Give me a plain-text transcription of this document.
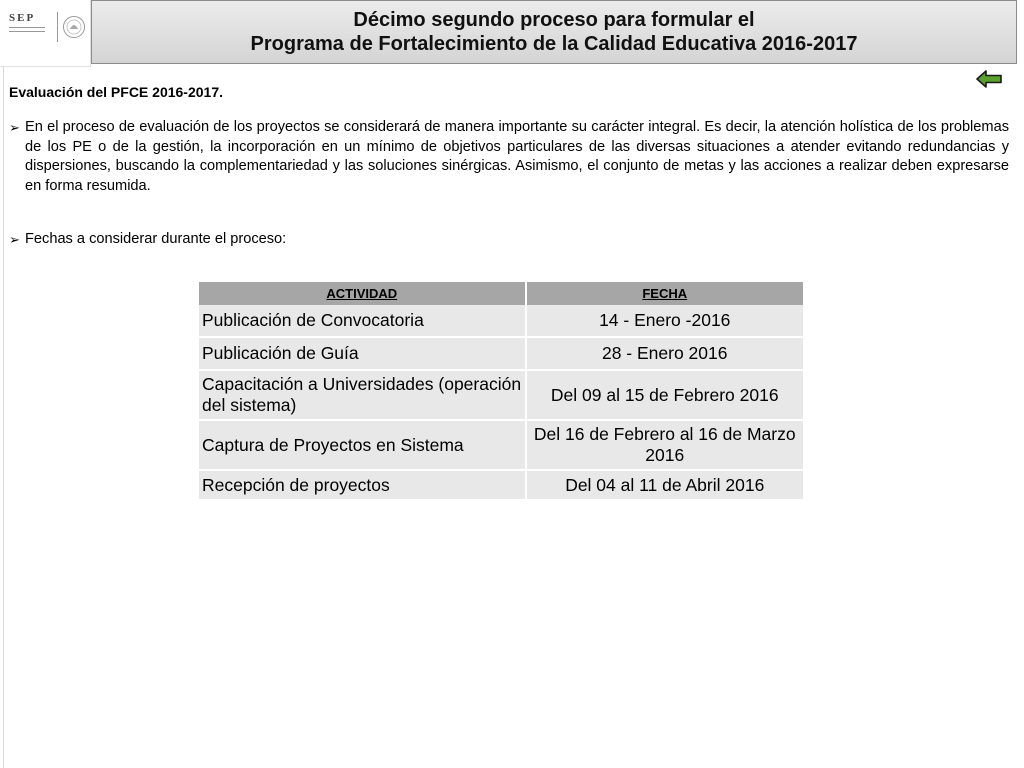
SEP	Décimo segundo proceso para formular el
Programa de Fortalecimiento de la Calidad Educativa 2016-2017
Evaluación del PFCE 2016-2017.
➢ En el proceso de evaluación de los proyectos se considerará de manera importante su carácter integral. Es decir, la atención holística de los problemas de los PE o de la gestión, la incorporación en un mínimo de objetivos particulares de las diversas situaciones a atender evitando redundancias y dispersiones, buscando la complementariedad y las soluciones sinérgicas. Asimismo, el conjunto de metas y las acciones a realizar deben expresarse en forma resumida.
➢ Fechas a considerar durante el proceso:
ACTIVIDAD	FECHA
Publicación de Convocatoria	14 - Enero -2016
Publicación de Guía	28 - Enero 2016
Capacitación a Universidades (operación del sistema)	Del 09 al 15 de Febrero 2016
Captura de Proyectos en Sistema	Del 16 de Febrero al 16 de Marzo 2016
Recepción de proyectos	Del 04 al 11 de Abril 2016
